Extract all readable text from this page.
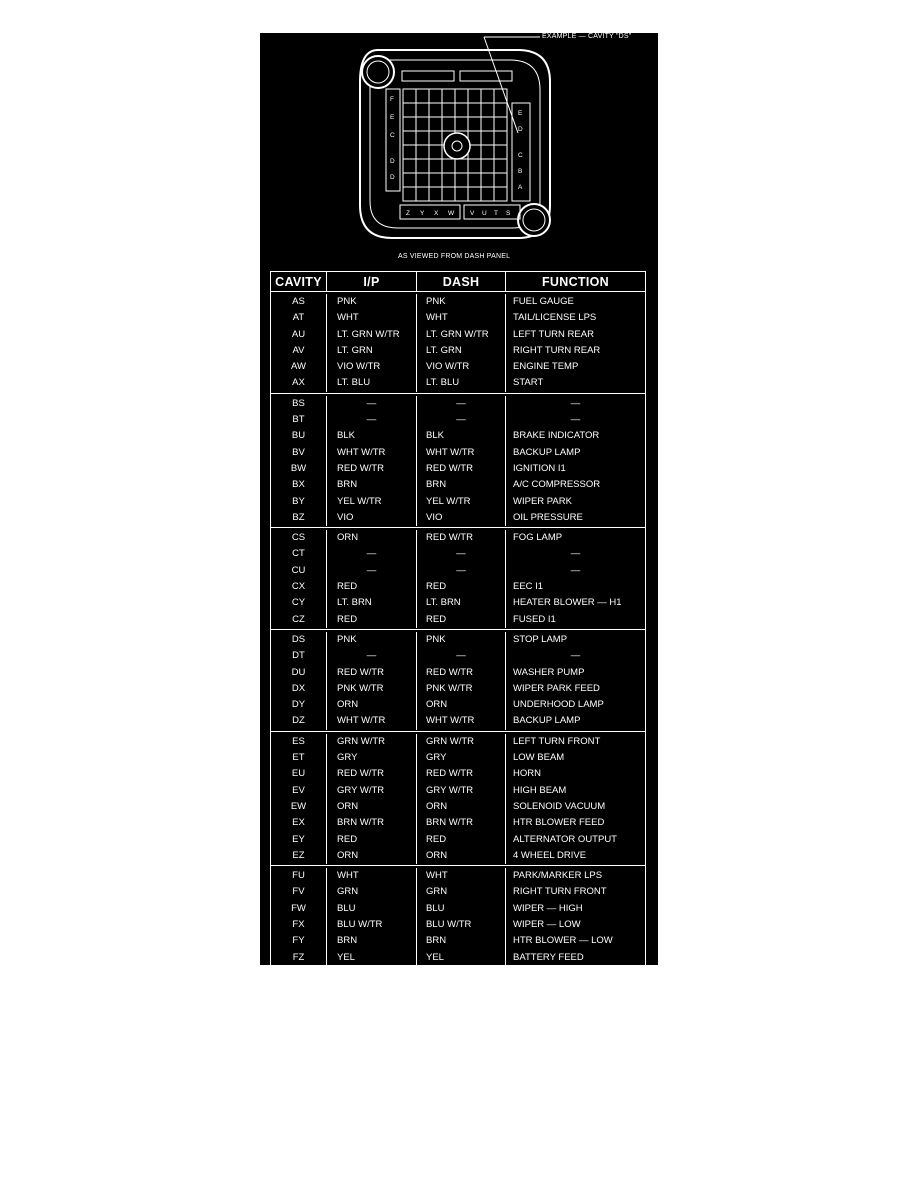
F
E
C
D
D
E
D
C
B
A
Z Y X W V U T S
EXAMPLE — CAVITY "DS"
AS VIEWED FROM DASH PANEL
CAVITY	I/P	DASH	FUNCTION
AS	PNK	PNK	FUEL GAUGE
AT	WHT	WHT	TAIL/LICENSE LPS
AU	LT. GRN W/TR	LT. GRN W/TR	LEFT TURN REAR
AV	LT. GRN	LT. GRN	RIGHT TURN REAR
AW	VIO W/TR	VIO W/TR	ENGINE TEMP
AX	LT. BLU	LT. BLU	START
BS	—	—	—
BT	—	—	—
BU	BLK	BLK	BRAKE INDICATOR
BV	WHT W/TR	WHT W/TR	BACKUP LAMP
BW	RED W/TR	RED W/TR	IGNITION I1
BX	BRN	BRN	A/C COMPRESSOR
BY	YEL W/TR	YEL W/TR	WIPER PARK
BZ	VIO	VIO	OIL PRESSURE
CS	ORN	RED W/TR	FOG LAMP
CT	—	—	—
CU	—	—	—
CX	RED	RED	EEC I1
CY	LT. BRN	LT. BRN	HEATER BLOWER — H1
CZ	RED	RED	FUSED I1
DS	PNK	PNK	STOP LAMP
DT	—	—	—
DU	RED W/TR	RED W/TR	WASHER PUMP
DX	PNK W/TR	PNK W/TR	WIPER PARK FEED
DY	ORN	ORN	UNDERHOOD LAMP
DZ	WHT W/TR	WHT W/TR	BACKUP LAMP
ES	GRN W/TR	GRN W/TR	LEFT TURN FRONT
ET	GRY	GRY	LOW BEAM
EU	RED W/TR	RED W/TR	HORN
EV	GRY W/TR	GRY W/TR	HIGH BEAM
EW	ORN	ORN	SOLENOID VACUUM
EX	BRN W/TR	BRN W/TR	HTR BLOWER FEED
EY	RED	RED	ALTERNATOR OUTPUT
EZ	ORN	ORN	4 WHEEL DRIVE
FU	WHT	WHT	PARK/MARKER LPS
FV	GRN	GRN	RIGHT TURN FRONT
FW	BLU	BLU	WIPER — HIGH
FX	BLU W/TR	BLU W/TR	WIPER — LOW
FY	BRN	BRN	HTR BLOWER — LOW
FZ	YEL	YEL	BATTERY FEED
